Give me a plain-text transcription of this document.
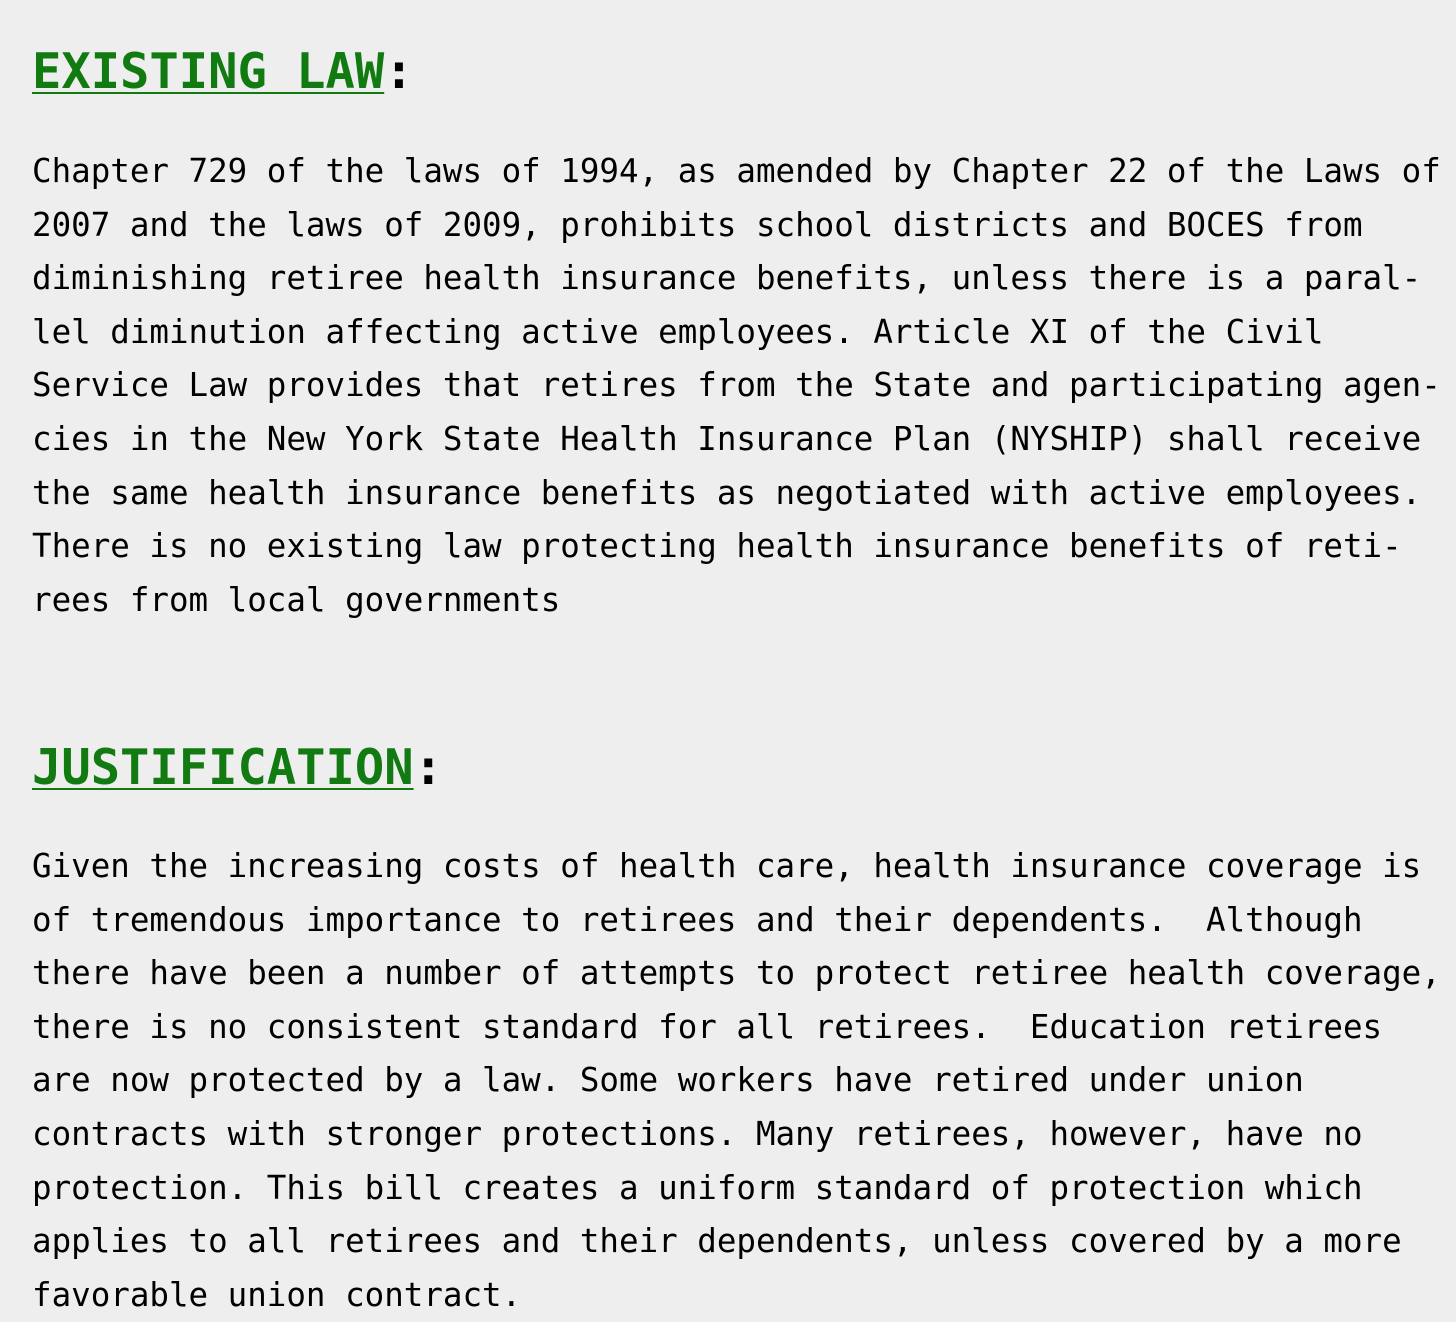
EXISTING LAW:
Chapter 729 of the laws of 1994, as amended by Chapter 22 of the Laws of
2007 and the laws of 2009, prohibits school districts and BOCES from
diminishing retiree health insurance benefits, unless there is a paral-
lel diminution affecting active employees. Article XI of the Civil
Service Law provides that retires from the State and participating agen-
cies in the New York State Health Insurance Plan (NYSHIP) shall receive
the same health insurance benefits as negotiated with active employees.
There is no existing law protecting health insurance benefits of reti-
rees from local governments
JUSTIFICATION:
Given the increasing costs of health care, health insurance coverage is
of tremendous importance to retirees and their dependents.  Although
there have been a number of attempts to protect retiree health coverage,
there is no consistent standard for all retirees.  Education retirees
are now protected by a law. Some workers have retired under union
contracts with stronger protections. Many retirees, however, have no
protection. This bill creates a uniform standard of protection which
applies to all retirees and their dependents, unless covered by a more
favorable union contract.
